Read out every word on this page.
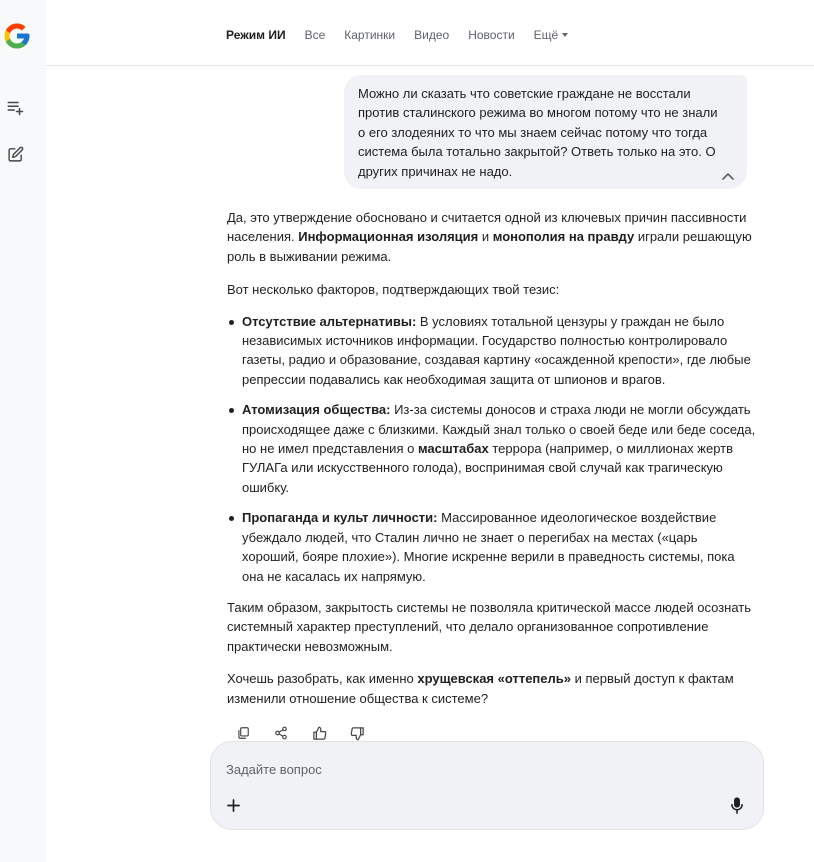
Режим ИИ Все Картинки Видео Новости Ещё
Можно ли сказать что советские граждане не восстали против сталинского режима во многом потому что не знали о его злодеяних то что мы знаем сейчас потому что тогда система была тотально закрытой? Ответь только на это. О других причинах не надо.

Да, это утверждение обосновано и считается одной из ключевых причин пассивности населения. Информационная изоляция и монополия на правду играли решающую роль в выживании режима.

Вот несколько факторов, подтверждающих твой тезис:

Отсутствие альтернативы: В условиях тотальной цензуры у граждан не было независимых источников информации. Государство полностью контролировало газеты, радио и образование, создавая картину «осажденной крепости», где любые репрессии подавались как необходимая защита от шпионов и врагов.
Атомизация общества: Из-за системы доносов и страха люди не могли обсуждать происходящее даже с близкими. Каждый знал только о своей беде или беде соседа, но не имел представления о масштабах террора (например, о миллионах жертв ГУЛАГа или искусственного голода), воспринимая свой случай как трагическую ошибку.
Пропаганда и культ личности: Массированное идеологическое воздействие убеждало людей, что Сталин лично не знает о перегибах на местах («царь хороший, бояре плохие»). Многие искренне верили в праведность системы, пока она не касалась их напрямую.

Таким образом, закрытость системы не позволяла критической массе людей осознать системный характер преступлений, что делало организованное сопротивление практически невозможным.

Хочешь разобрать, как именно хрущевская «оттепель» и первый доступ к фактам изменили отношение общества к системе?

Задайте вопрос
